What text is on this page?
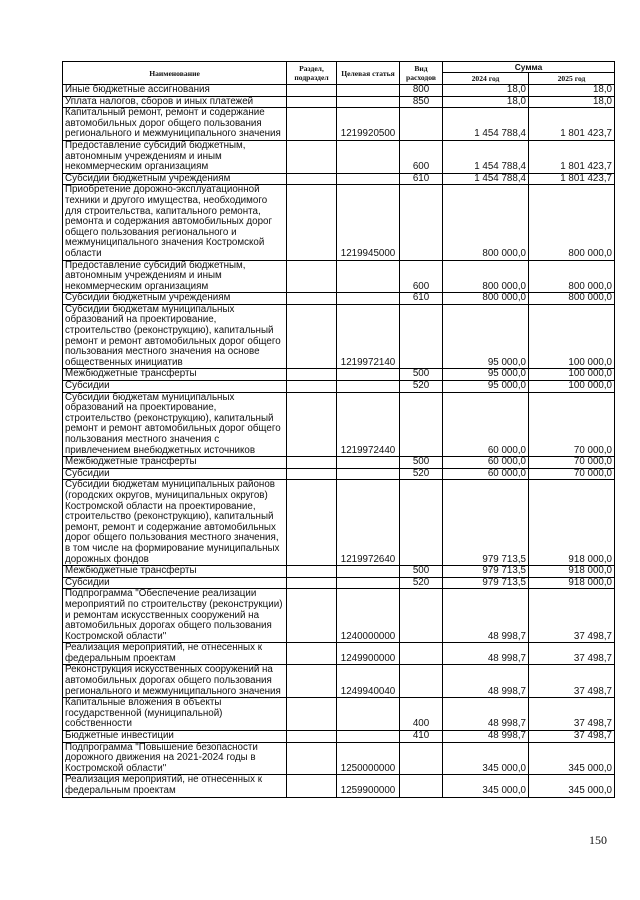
Наименование	Раздел, подраздел	Целевая статья	Вид расходов	Сумма	
				2024 год	2025 год
Иные бюджетные ассигнования			800	18,0	18,0
Уплата налогов, сборов и иных платежей			850	18,0	18,0
Капитальный ремонт, ремонт и содержание автомобильных дорог общего пользования регионального и межмуниципального значения		1219920500		1 454 788,4	1 801 423,7
Предоставление субсидий бюджетным, автономным учреждениям и иным некоммерческим организациям			600	1 454 788,4	1 801 423,7
Субсидии бюджетным учреждениям			610	1 454 788,4	1 801 423,7
Приобретение дорожно-эксплуатационной техники и другого имущества, необходимого для строительства, капитального ремонта, ремонта и содержания автомобильных дорог общего пользования регионального и межмуниципального значения Костромской области		1219945000		800 000,0	800 000,0
Предоставление субсидий бюджетным, автономным учреждениям и иным некоммерческим организациям			600	800 000,0	800 000,0
Субсидии бюджетным учреждениям			610	800 000,0	800 000,0
Субсидии бюджетам муниципальных образований на проектирование, строительство (реконструкцию), капитальный ремонт и ремонт автомобильных дорог общего пользования местного значения на основе общественных инициатив		1219972140		95 000,0	100 000,0
Межбюджетные трансферты			500	95 000,0	100 000,0
Субсидии			520	95 000,0	100 000,0
Субсидии бюджетам муниципальных образований на проектирование, строительство (реконструкцию), капитальный ремонт и ремонт автомобильных дорог общего пользования местного значения с привлечением внебюджетных источников		1219972440		60 000,0	70 000,0
Межбюджетные трансферты			500	60 000,0	70 000,0
Субсидии			520	60 000,0	70 000,0
Субсидии бюджетам муниципальных районов (городских округов, муниципальных округов) Костромской области на проектирование, строительство (реконструкцию), капитальный ремонт, ремонт и содержание автомобильных дорог общего пользования местного значения, в том числе на формирование муниципальных дорожных фондов		1219972640		979 713,5	918 000,0
Межбюджетные трансферты			500	979 713,5	918 000,0
Субсидии			520	979 713,5	918 000,0
Подпрограмма "Обеспечение реализации мероприятий по строительству (реконструкции) и ремонтам искусственных сооружений на автомобильных дорогах общего пользования Костромской области"		1240000000		48 998,7	37 498,7
Реализация мероприятий, не отнесенных к федеральным проектам		1249900000		48 998,7	37 498,7
Реконструкция искусственных сооружений на автомобильных дорогах общего пользования регионального и межмуниципального значения		1249940040		48 998,7	37 498,7
Капитальные вложения в объекты государственной (муниципальной) собственности			400	48 998,7	37 498,7
Бюджетные инвестиции			410	48 998,7	37 498,7
Подпрограмма "Повышение безопасности дорожного движения на 2021-2024 годы в Костромской области"		1250000000		345 000,0	345 000,0
Реализация мероприятий, не отнесенных к федеральным проектам		1259900000		345 000,0	345 000,0
150
